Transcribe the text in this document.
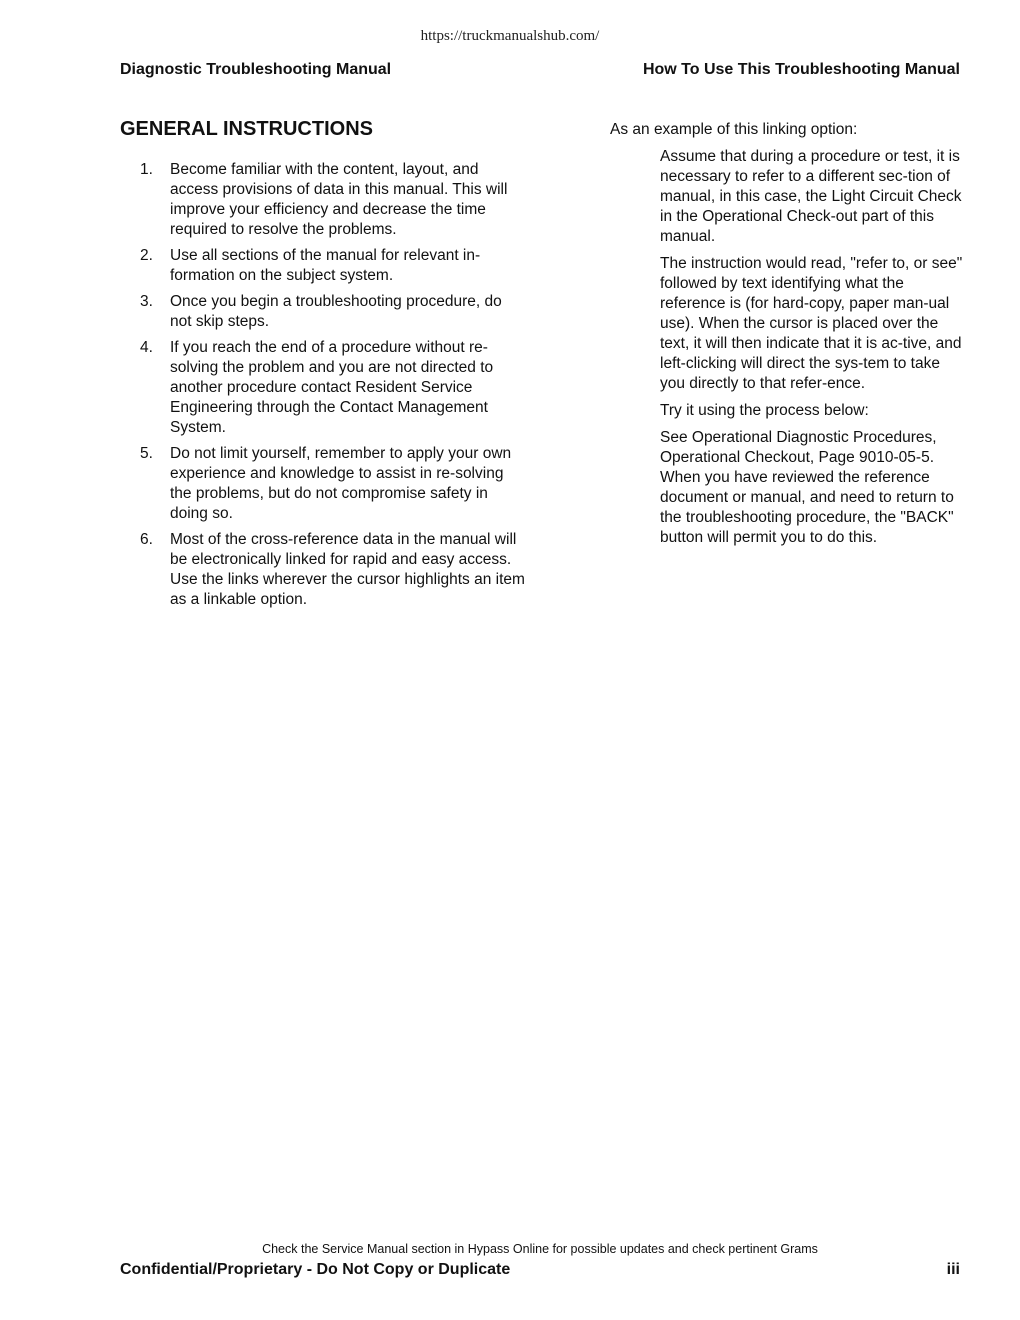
https://truckmanualshub.com/
Diagnostic Troubleshooting Manual	How To Use This Troubleshooting Manual
GENERAL INSTRUCTIONS
1. Become familiar with the content, layout, and access provisions of data in this manual. This will improve your efficiency and decrease the time required to resolve the problems.
2. Use all sections of the manual for relevant in-formation on the subject system.
3. Once you begin a troubleshooting procedure, do not skip steps.
4. If you reach the end of a procedure without re-solving the problem and you are not directed to another procedure contact Resident Service Engineering through the Contact Management System.
5. Do not limit yourself, remember to apply your own experience and knowledge to assist in re-solving the problems, but do not compromise safety in doing so.
6. Most of the cross-reference data in the manual will be electronically linked for rapid and easy access. Use the links wherever the cursor highlights an item as a linkable option.

As an example of this linking option:

Assume that during a procedure or test, it is necessary to refer to a different sec-tion of manual, in this case, the Light Circuit Check in the Operational Check-out part of this manual.

The instruction would read, "refer to, or see" followed by text identifying what the reference is (for hard-copy, paper man-ual use). When the cursor is placed over the text, it will then indicate that it is ac-tive, and left-clicking will direct the sys-tem to take you directly to that refer-ence.

Try it using the process below:

See Operational Diagnostic Procedures, Operational Checkout, Page 9010-05-5.

When you have reviewed the reference document or manual, and need to return to the troubleshooting procedure, the "BACK" button will permit you to do this.

Check the Service Manual section in Hypass Online for possible updates and check pertinent Grams
Confidential/Proprietary - Do Not Copy or Duplicate	iii
